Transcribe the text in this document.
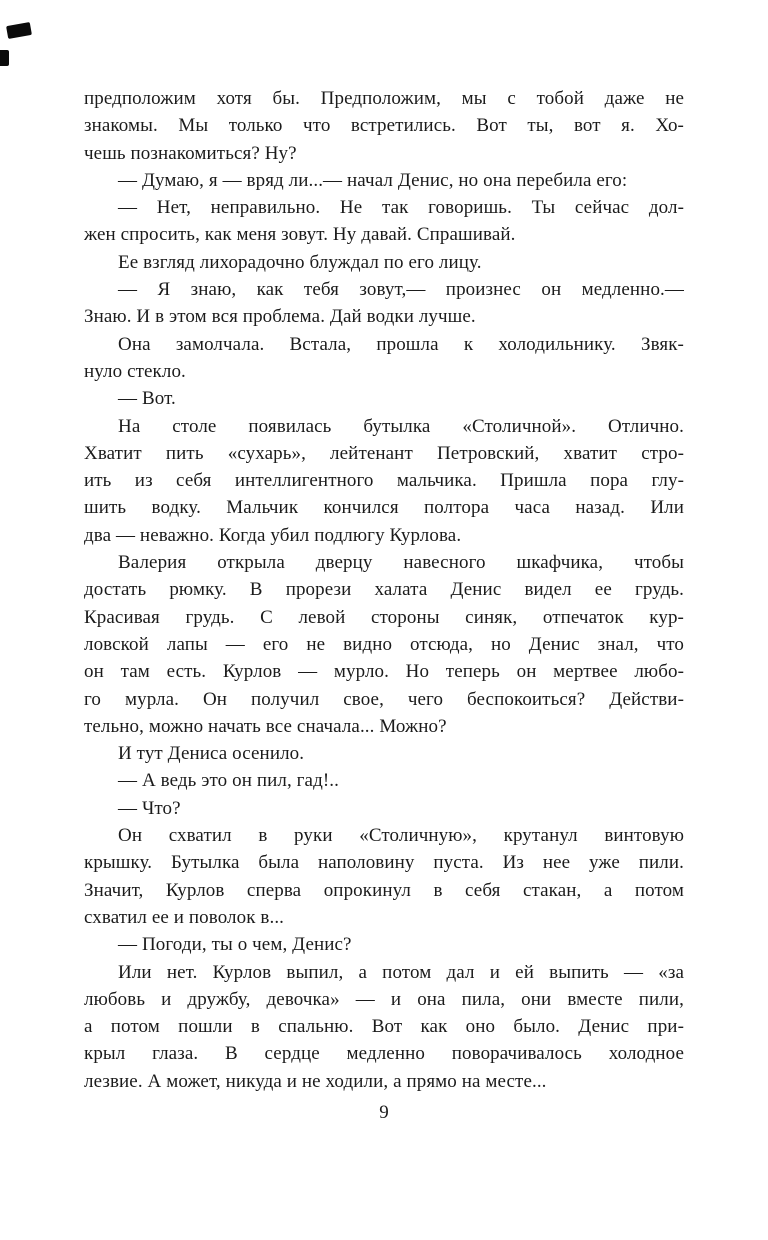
предположим хотя бы. Предположим, мы с тобой даже не
знакомы. Мы только что встретились. Вот ты, вот я. Хо-
чешь познакомиться? Ну?

— Думаю, я — вряд ли...— начал Денис, но она перебила его:

— Нет, неправильно. Не так говоришь. Ты сейчас дол-
жен спросить, как меня зовут. Ну давай. Спрашивай.

Ее взгляд лихорадочно блуждал по его лицу.

— Я знаю, как тебя зовут,— произнес он медленно.—
Знаю. И в этом вся проблема. Дай водки лучше.

Она замолчала. Встала, прошла к холодильнику. Звяк-
нуло стекло.

— Вот.

На столе появилась бутылка «Столичной». Отлично.
Хватит пить «сухарь», лейтенант Петровский, хватит стро-
ить из себя интеллигентного мальчика. Пришла пора глу-
шить водку. Мальчик кончился полтора часа назад. Или
два — неважно. Когда убил подлюгу Курлова.

Валерия открыла дверцу навесного шкафчика, чтобы
достать рюмку. В прорези халата Денис видел ее грудь.
Красивая грудь. С левой стороны синяк, отпечаток кур-
ловской лапы — его не видно отсюда, но Денис знал, что
он там есть. Курлов — мурло. Но теперь он мертвее любо-
го мурла. Он получил свое, чего беспокоиться? Действи-
тельно, можно начать все сначала... Можно?

И тут Дениса осенило.

— А ведь это он пил, гад!..

— Что?

Он схватил в руки «Столичную», крутанул винтовую
крышку. Бутылка была наполовину пуста. Из нее уже пили.
Значит, Курлов сперва опрокинул в себя стакан, а потом
схватил ее и поволок в...

— Погоди, ты о чем, Денис?

Или нет. Курлов выпил, а потом дал и ей выпить — «за
любовь и дружбу, девочка» — и она пила, они вместе пили,
а потом пошли в спальню. Вот как оно было. Денис при-
крыл глаза. В сердце медленно поворачивалось холодное
лезвие. А может, никуда и не ходили, а прямо на месте...

9
